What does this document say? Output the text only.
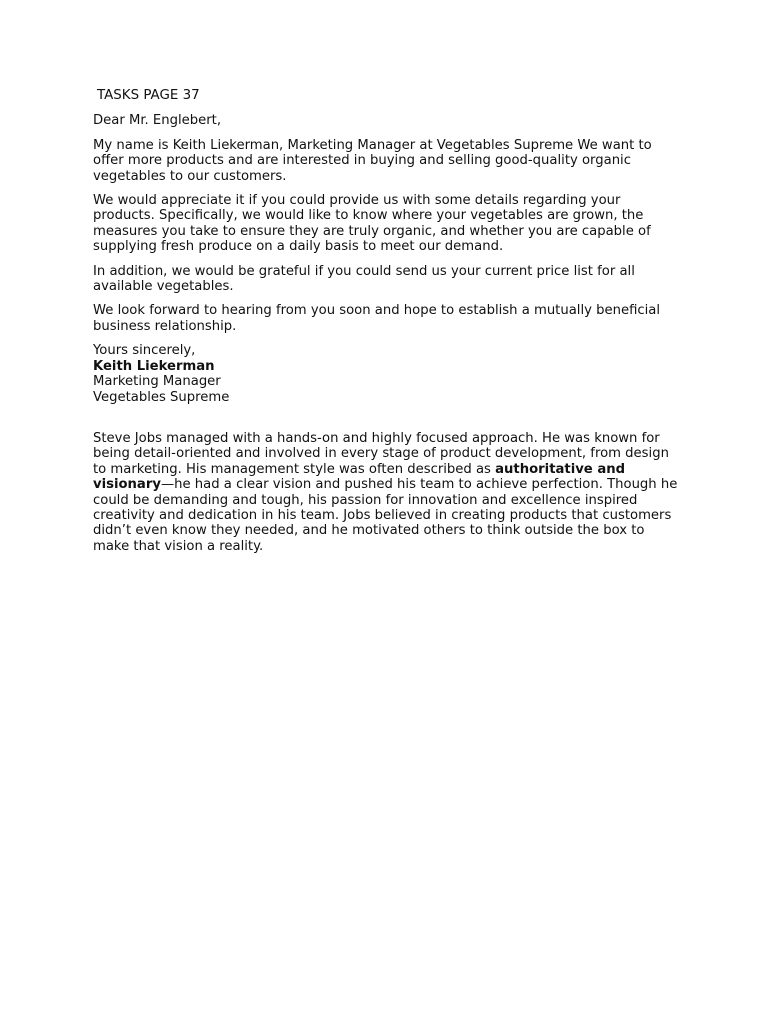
TASKS PAGE 37

Dear Mr. Englebert,

My name is Keith Liekerman, Marketing Manager at Vegetables Supreme We want to offer more products and are interested in buying and selling good-quality organic vegetables to our customers.

We would appreciate it if you could provide us with some details regarding your products. Specifically, we would like to know where your vegetables are grown, the measures you take to ensure they are truly organic, and whether you are capable of supplying fresh produce on a daily basis to meet our demand.

In addition, we would be grateful if you could send us your current price list for all available vegetables.

We look forward to hearing from you soon and hope to establish a mutually beneficial business relationship.

Yours sincerely,
Keith Liekerman
Marketing Manager
Vegetables Supreme

Steve Jobs managed with a hands-on and highly focused approach. He was known for being detail-oriented and involved in every stage of product development, from design to marketing. His management style was often described as authoritative and visionary—he had a clear vision and pushed his team to achieve perfection. Though he could be demanding and tough, his passion for innovation and excellence inspired creativity and dedication in his team. Jobs believed in creating products that customers didn’t even know they needed, and he motivated others to think outside the box to make that vision a reality.
